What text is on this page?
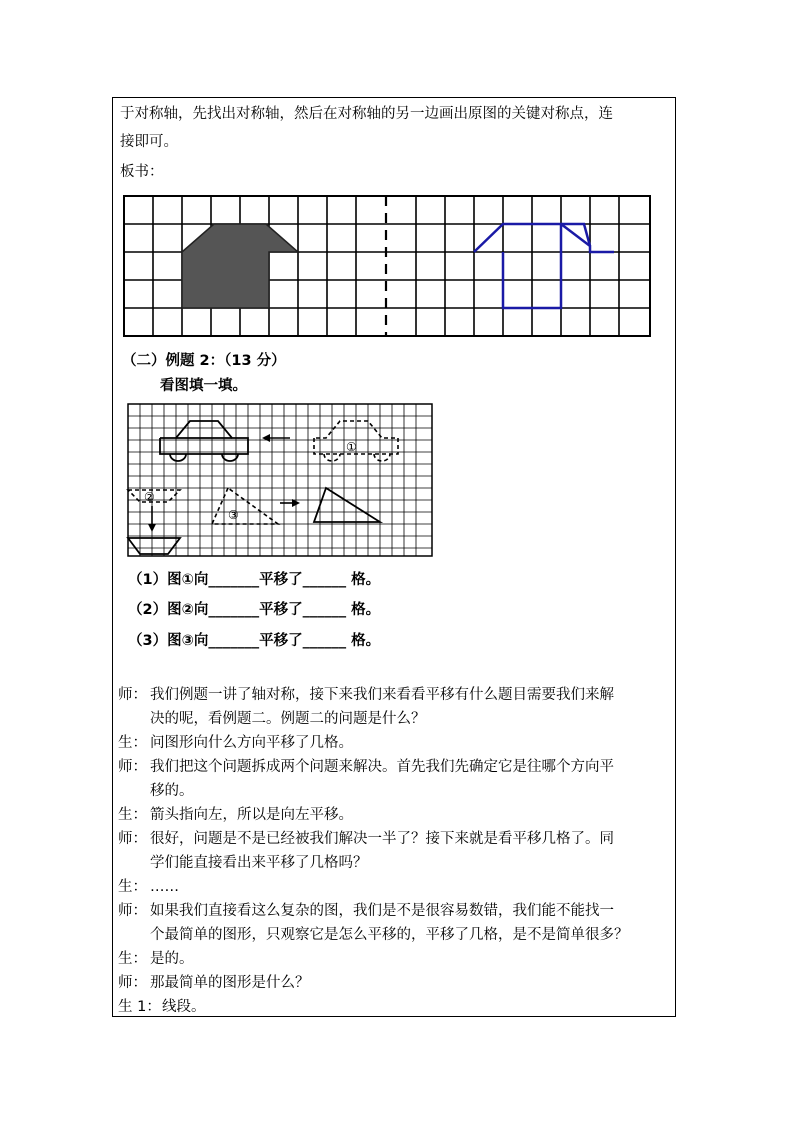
于对称轴，先找出对称轴，然后在对称轴的另一边画出原图的关键对称点，连
接即可。
板书：
（二）例题 2：（13 分）
看图填一填。
①
②
③
（1）图①向_______平移了______ 格。
（2）图②向_______平移了______ 格。
（3）图③向_______平移了______ 格。
师： 我们例题一讲了轴对称，接下来我们来看看平移有什么题目需要我们来解
决的呢，看例题二。例题二的问题是什么？
生： 问图形向什么方向平移了几格。
师： 我们把这个问题拆成两个问题来解决。首先我们先确定它是往哪个方向平
移的。
生： 箭头指向左，所以是向左平移。
师： 很好，问题是不是已经被我们解决一半了？接下来就是看平移几格了。同
学们能直接看出来平移了几格吗？
生： ……
师： 如果我们直接看这么复杂的图，我们是不是很容易数错，我们能不能找一
个最简单的图形，只观察它是怎么平移的，平移了几格，是不是简单很多？
生： 是的。
师： 那最简单的图形是什么？
生 1： 线段。
